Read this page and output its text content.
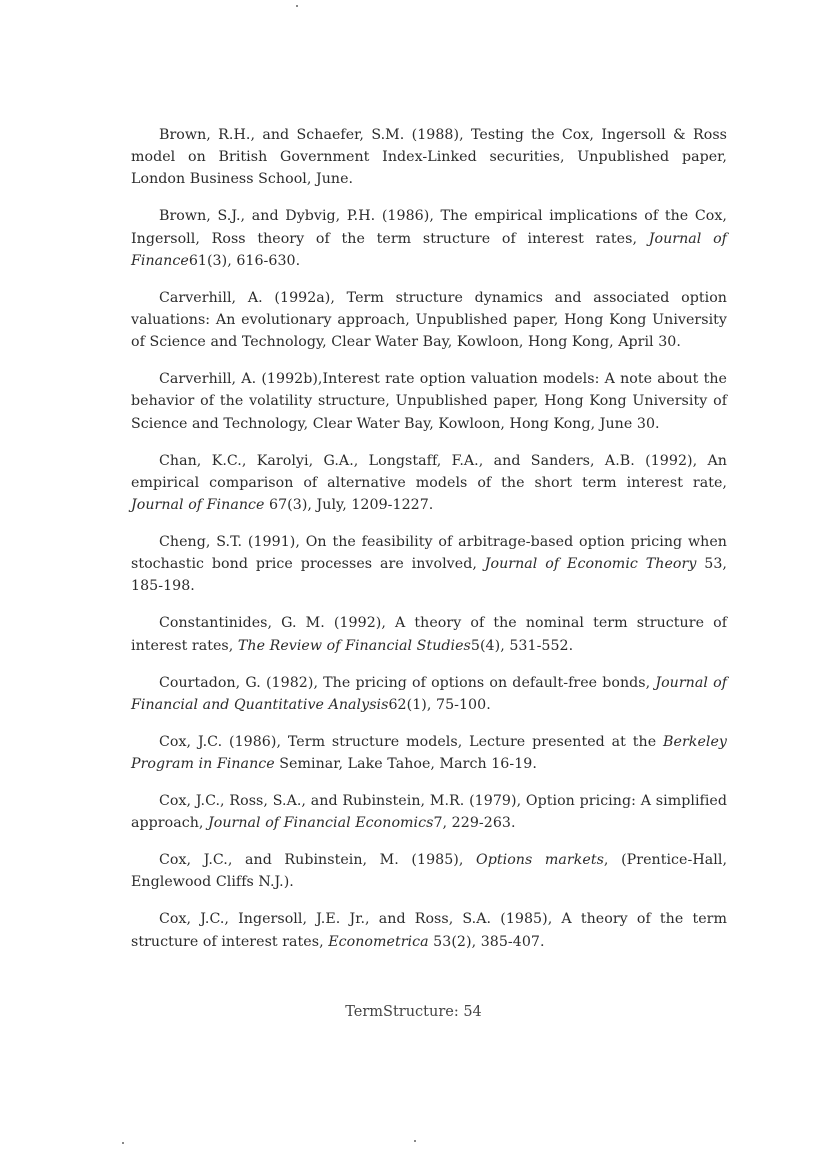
Brown, R.H., and Schaefer, S.M. (1988), Testing the Cox, Ingersoll & Ross model on British Government Index-Linked securities, Unpublished paper, London Business School, June.

Brown, S.J., and Dybvig, P.H. (1986), The empirical implications of the Cox, Ingersoll, Ross theory of the term structure of interest rates, Journal of Finance61(3), 616-630.

Carverhill, A. (1992a), Term structure dynamics and associated option valuations: An evolutionary approach, Unpublished paper, Hong Kong University of Science and Technology, Clear Water Bay, Kowloon, Hong Kong, April 30.

Carverhill, A. (1992b),Interest rate option valuation models: A note about the behavior of the volatility structure, Unpublished paper, Hong Kong University of Science and Technology, Clear Water Bay, Kowloon, Hong Kong, June 30.

Chan, K.C., Karolyi, G.A., Longstaff, F.A., and Sanders, A.B. (1992), An empirical comparison of alternative models of the short term interest rate, Journal of Finance 67(3), July, 1209-1227.

Cheng, S.T. (1991), On the feasibility of arbitrage-based option pricing when stochastic bond price processes are involved, Journal of Economic Theory 53, 185-198.

Constantinides, G. M. (1992), A theory of the nominal term structure of interest rates, The Review of Financial Studies5(4), 531-552.

Courtadon, G. (1982), The pricing of options on default-free bonds, Journal of Financial and Quantitative Analysis62(1), 75-100.

Cox, J.C. (1986), Term structure models, Lecture presented at the Berkeley Program in Finance Seminar, Lake Tahoe, March 16-19.

Cox, J.C., Ross, S.A., and Rubinstein, M.R. (1979), Option pricing: A simplified approach, Journal of Financial Economics7, 229-263.

Cox, J.C., and Rubinstein, M. (1985), Options markets, (Prentice-Hall, Englewood Cliffs N.J.).

Cox, J.C., Ingersoll, J.E. Jr., and Ross, S.A. (1985), A theory of the term structure of interest rates, Econometrica 53(2), 385-407.

TermStructure: 54
